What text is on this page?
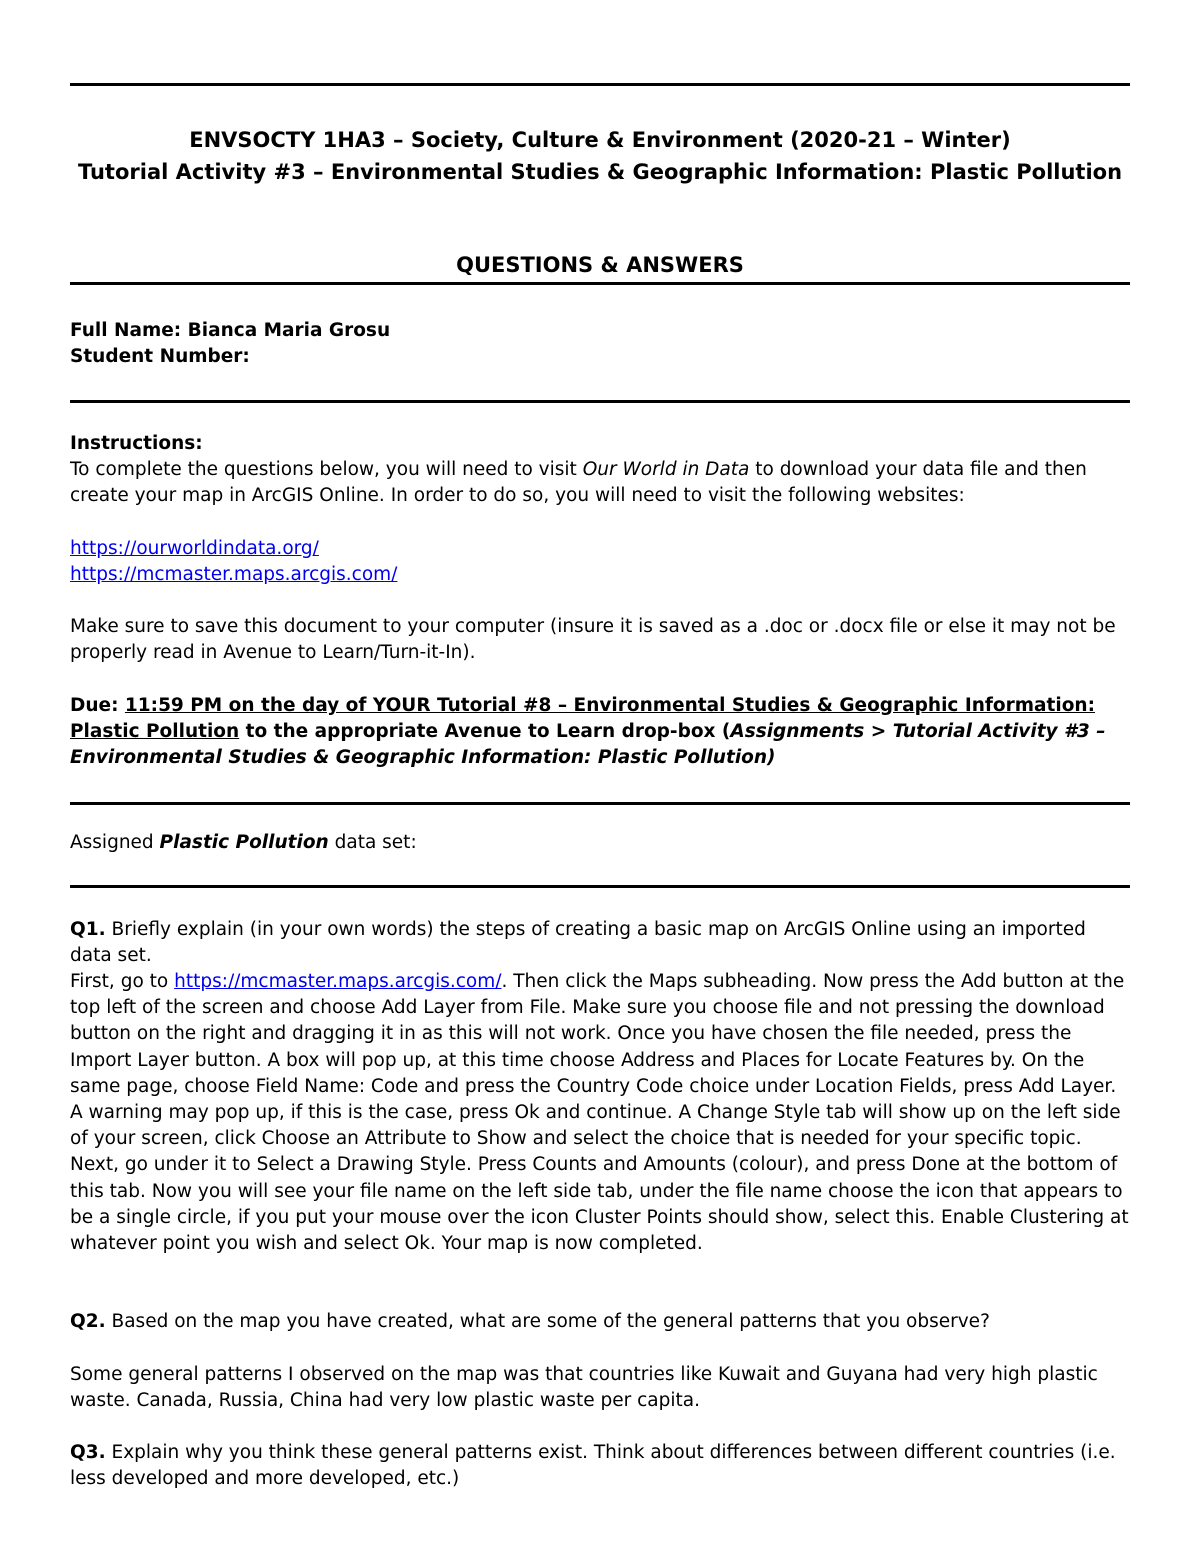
ENVSOCTY 1HA3 – Society, Culture & Environment (2020-21 – Winter)
Tutorial Activity #3 – Environmental Studies & Geographic Information: Plastic Pollution
QUESTIONS & ANSWERS
Full Name: Bianca Maria Grosu
Student Number:
Instructions:
To complete the questions below, you will need to visit Our World in Data to download your data file and then create your map in ArcGIS Online. In order to do so, you will need to visit the following websites:
https://ourworldindata.org/
https://mcmaster.maps.arcgis.com/
Make sure to save this document to your computer (insure it is saved as a .doc or .docx file or else it may not be properly read in Avenue to Learn/Turn-it-In).
Due: 11:59 PM on the day of YOUR Tutorial #8 – Environmental Studies & Geographic Information: Plastic Pollution to the appropriate Avenue to Learn drop-box (Assignments > Tutorial Activity #3 – Environmental Studies & Geographic Information: Plastic Pollution)
Assigned Plastic Pollution data set:
Q1. Briefly explain (in your own words) the steps of creating a basic map on ArcGIS Online using an imported data set.
First, go to https://mcmaster.maps.arcgis.com/. Then click the Maps subheading. Now press the Add button at the top left of the screen and choose Add Layer from File. Make sure you choose file and not pressing the download button on the right and dragging it in as this will not work. Once you have chosen the file needed, press the Import Layer button. A box will pop up, at this time choose Address and Places for Locate Features by. On the same page, choose Field Name: Code and press the Country Code choice under Location Fields, press Add Layer. A warning may pop up, if this is the case, press Ok and continue. A Change Style tab will show up on the left side of your screen, click Choose an Attribute to Show and select the choice that is needed for your specific topic. Next, go under it to Select a Drawing Style. Press Counts and Amounts (colour), and press Done at the bottom of this tab. Now you will see your file name on the left side tab, under the file name choose the icon that appears to be a single circle, if you put your mouse over the icon Cluster Points should show, select this. Enable Clustering at whatever point you wish and select Ok. Your map is now completed.
Q2. Based on the map you have created, what are some of the general patterns that you observe?
Some general patterns I observed on the map was that countries like Kuwait and Guyana had very high plastic waste. Canada, Russia, China had very low plastic waste per capita.
Q3. Explain why you think these general patterns exist. Think about differences between different countries (i.e. less developed and more developed, etc.)
